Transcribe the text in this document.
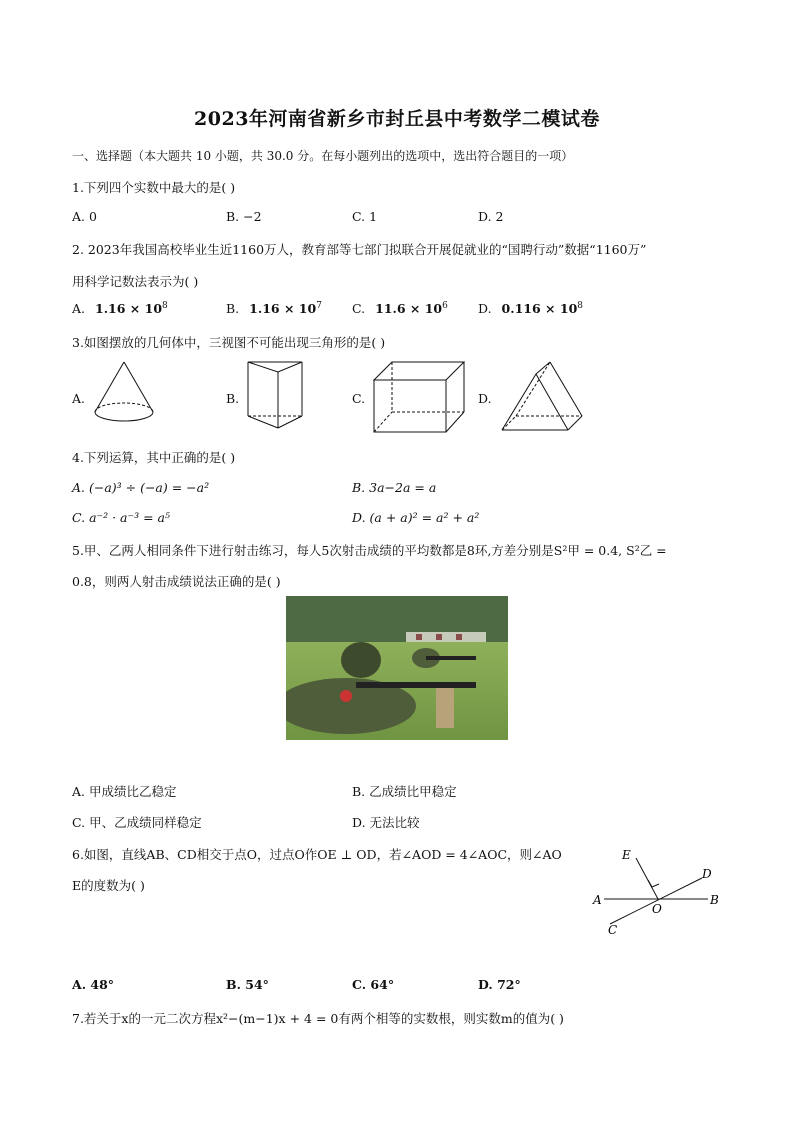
2023年河南省新乡市封丘县中考数学二模试卷
一、选择题（本大题共 10 小题，共 30.0 分。在每小题列出的选项中，选出符合题目的一项）
1.下列四个实数中最大的是( )
A. 0	B. −2	C. 1	D. 2
2. 2023年我国高校毕业生近1160万人，教育部等七部门拟联合开展促就业的“国聘行动”数据“1160万”
用科学记数法表示为( )
A. $1.16 \times 10^8$	B. $1.16 \times 10^7$ C. $11.6 \times 10^6$ D. $0.116 \times 10^8$
3.如图摆放的几何体中，三视图不可能出现三角形的是( )
A.	B.	C.	D.
4.下列运算，其中正确的是( )
A. (−a)³ ÷ (−a) = −a²	B. 3a−2a = a
C. a⁻² · a⁻³ = a⁵	D. (a + a)² = a² + a²
5.甲、乙两人相同条件下进行射击练习，每人5次射击成绩的平均数都是8环,方差分别是S²甲 = 0.4, S²乙 =
0.8，则两人射击成绩说法正确的是( )
A. 甲成绩比乙稳定	B. 乙成绩比甲稳定
C. 甲、乙成绩同样稳定	D. 无法比较
6.如图，直线AB、CD相交于点O，过点O作OE ⊥ OD，若∠AOD = 4∠AOC，则∠AO
E的度数为( )
E
D
A
O
B
C
A. 48°	B. 54°	C. 64°	D. 72°
7.若关于x的一元二次方程x²−(m−1)x + 4 = 0有两个相等的实数根，则实数m的值为( )
